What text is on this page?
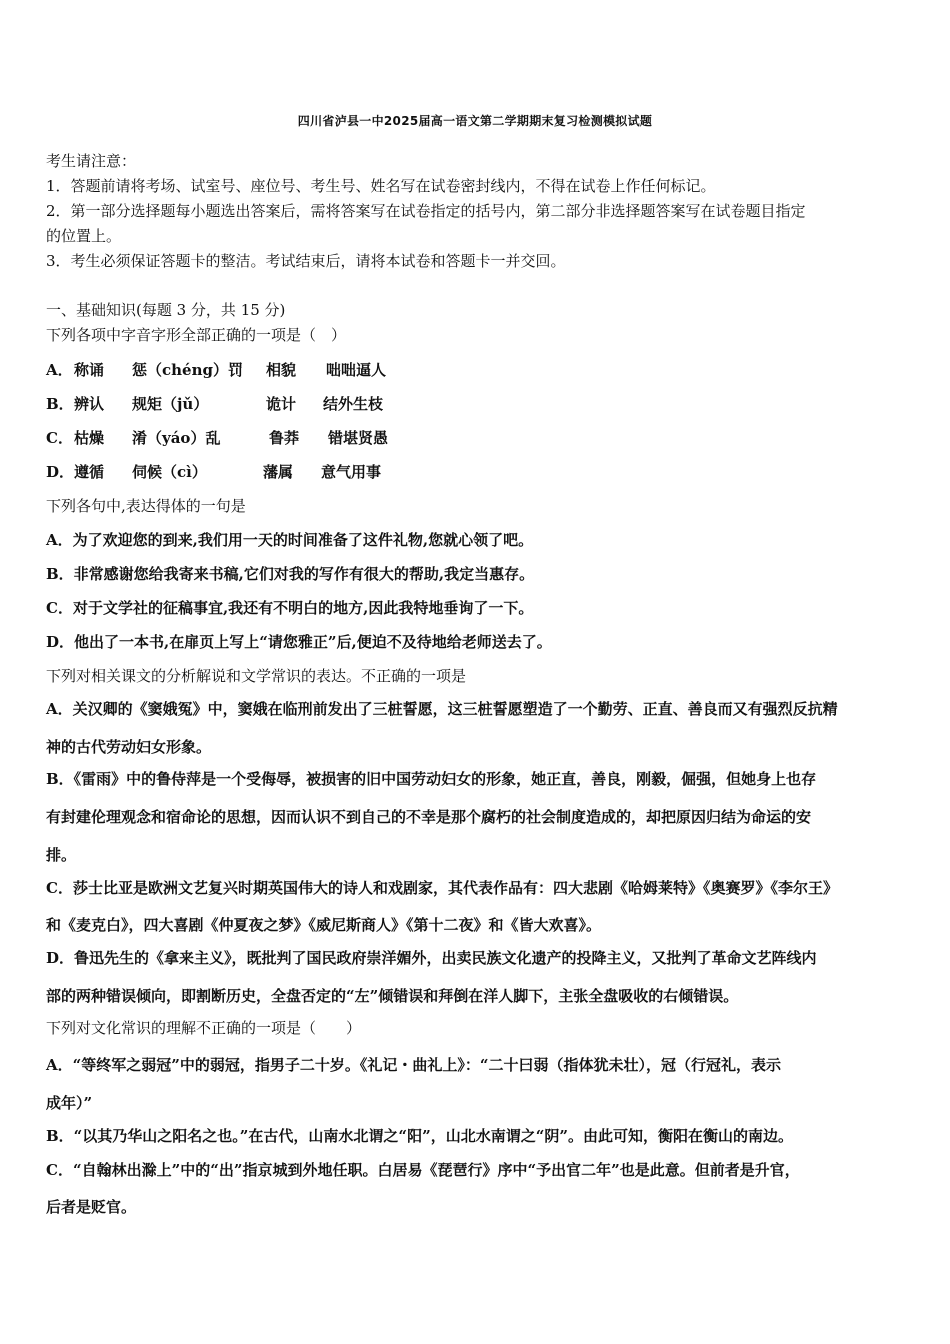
四川省泸县一中2025届高一语文第二学期期末复习检测模拟试题
考生请注意：
1．答题前请将考场、试室号、座位号、考生号、姓名写在试卷密封线内，不得在试卷上作任何标记。
2．第一部分选择题每小题选出答案后，需将答案写在试卷指定的括号内，第二部分非选择题答案写在试卷题目指定
的位置上。
3．考生必须保证答题卡的整洁。考试结束后，请将本试卷和答题卡一并交回。
一、基础知识(每题 3 分，共 15 分)
下列各项中字音字形全部正确的一项是（　）
A．称诵 惩（chéng）罚 相貌 咄咄逼人
B．辨认 规矩（jǔ）	诡计 结外生枝
C．枯燥 淆（yáo）乱	鲁莽 错堪贤愚
D．遵循 伺候（cì）	藩属 意气用事
下列各句中,表达得体的一句是
A．为了欢迎您的到来,我们用一天的时间准备了这件礼物,您就心领了吧。
B．非常感谢您给我寄来书稿,它们对我的写作有很大的帮助,我定当惠存。
C．对于文学社的征稿事宜,我还有不明白的地方,因此我特地垂询了一下。
D．他出了一本书,在扉页上写上“请您雅正”后,便迫不及待地给老师送去了。
下列对相关课文的分析解说和文学常识的表达。不正确的一项是
A．关汉卿的《窦娥冤》中，窦娥在临刑前发出了三桩誓愿，这三桩誓愿塑造了一个勤劳、正直、善良而又有强烈反抗精
神的古代劳动妇女形象。
B．《雷雨》中的鲁侍萍是一个受侮辱，被损害的旧中国劳动妇女的形象，她正直，善良，刚毅，倔强，但她身上也存
有封建伦理观念和宿命论的思想，因而认识不到自己的不幸是那个腐朽的社会制度造成的，却把原因归结为命运的安
排。
C．莎士比亚是欧洲文艺复兴时期英国伟大的诗人和戏剧家，其代表作品有：四大悲剧《哈姆莱特》《奥赛罗》《李尔王》
和《麦克白》，四大喜剧《仲夏夜之梦》《威尼斯商人》《第十二夜》和《皆大欢喜》。
D．鲁迅先生的《拿来主义》，既批判了国民政府崇洋媚外，出卖民族文化遗产的投降主义，又批判了革命文艺阵线内
部的两种错误倾向，即割断历史，全盘否定的“左”倾错误和拜倒在洋人脚下，主张全盘吸收的右倾错误。
下列对文化常识的理解不正确的一项是（　　）
A．“等终军之弱冠”中的弱冠，指男子二十岁。《礼记・曲礼上》：“二十曰弱（指体犹未壮），冠（行冠礼，表示
成年）”
B．“以其乃华山之阳名之也。”在古代，山南水北谓之“阳”，山北水南谓之“阴”。由此可知，衡阳在衡山的南边。
C．“自翰林出滁上”中的“出”指京城到外地任职。白居易《琵琶行》序中“予出官二年”也是此意。但前者是升官，
后者是贬官。
